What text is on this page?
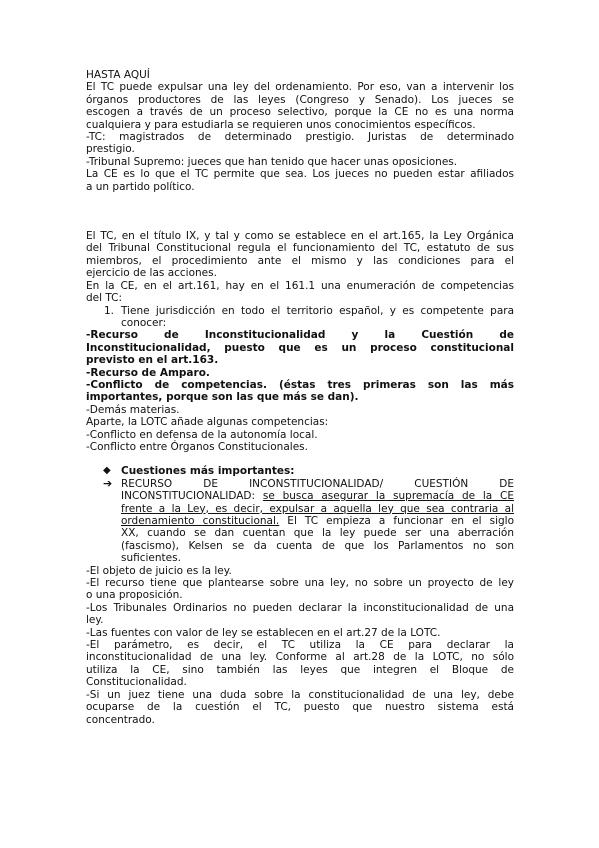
HASTA AQUÍ

El TC puede expulsar una ley del ordenamiento. Por eso, van a intervenir los

órganos productores de las leyes (Congreso y Senado). Los jueces se

escogen a través de un proceso selectivo, porque la CE no es una norma

cualquiera y para estudiarla se requieren unos conocimientos específicos.

-TC: magistrados de determinado prestigio. Juristas de determinado

prestigio.

-Tribunal Supremo: jueces que han tenido que hacer unas oposiciones.

La CE es lo que el TC permite que sea. Los jueces no pueden estar afiliados

a un partido político.

El TC, en el título IX, y tal y como se establece en el art.165, la Ley Orgánica

del Tribunal Constitucional regula el funcionamiento del TC, estatuto de sus

miembros, el procedimiento ante el mismo y las condiciones para el

ejercicio de las acciones.

En la CE, en el art.161, hay en el 161.1 una enumeración de competencias

del TC:

1. Tiene jurisdicción en todo el territorio español, y es competente para

conocer:

-Recurso de Inconstitucionalidad y la Cuestión de

Inconstitucionalidad, puesto que es un proceso constitucional

previsto en el art.163.

-Recurso de Amparo.

-Conflicto de competencias. (éstas tres primeras son las más

importantes, porque son las que más se dan).

-Demás materias.

Aparte, la LOTC añade algunas competencias:

-Conflicto en defensa de la autonomía local.

-Conflicto entre Órganos Constitucionales.

◆ Cuestiones más importantes:

➔ RECURSO DE INCONSTITUCIONALIDAD/ CUESTIÓN DE

INCONSTITUCIONALIDAD: se busca asegurar la supremacía de la CE

frente a la Ley, es decir, expulsar a aquella ley que sea contraria al

ordenamiento constitucional. El TC empieza a funcionar en el siglo

XX, cuando se dan cuentan que la ley puede ser una aberración

(fascismo), Kelsen se da cuenta de que los Parlamentos no son

suficientes.

-El objeto de juicio es la ley.

-El recurso tiene que plantearse sobre una ley, no sobre un proyecto de ley

o una proposición.

-Los Tribunales Ordinarios no pueden declarar la inconstitucionalidad de una

ley.

-Las fuentes con valor de ley se establecen en el art.27 de la LOTC.

-El parámetro, es decir, el TC utiliza la CE para declarar la

inconstitucionalidad de una ley. Conforme al art.28 de la LOTC, no sólo

utiliza la CE, sino también las leyes que integren el Bloque de

Constitucionalidad.

-Si un juez tiene una duda sobre la constitucionalidad de una ley, debe

ocuparse de la cuestión el TC, puesto que nuestro sistema está

concentrado.
